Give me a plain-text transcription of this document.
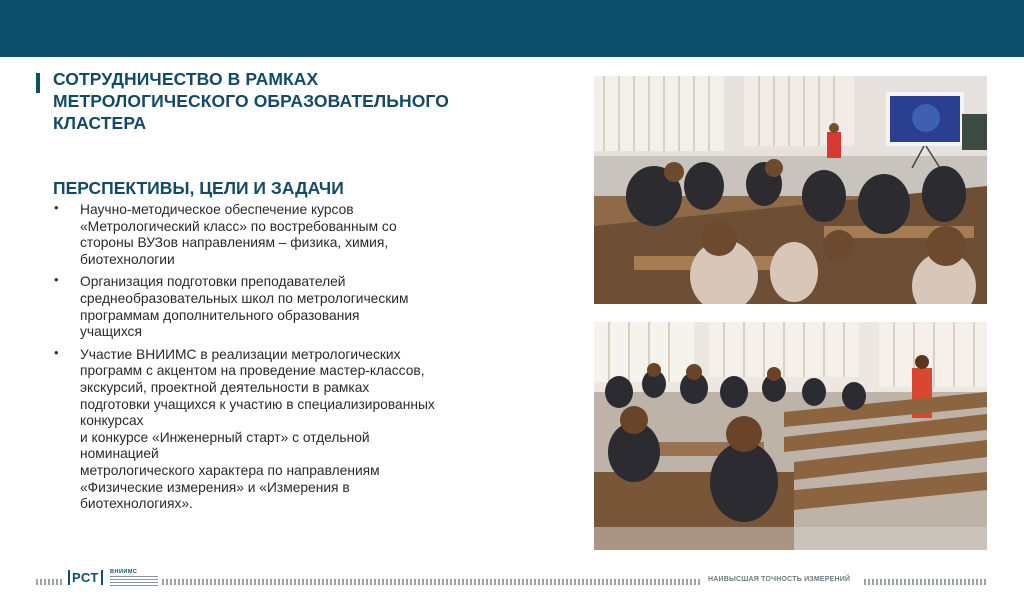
СОТРУДНИЧЕСТВО В РАМКАХ
МЕТРОЛОГИЧЕСКОГО ОБРАЗОВАТЕЛЬНОГО
КЛАСТЕРА
ПЕРСПЕКТИВЫ, ЦЕЛИ И ЗАДАЧИ
• Научно-методическое обеспечение курсов
«Метрологический класс» по востребованным со
стороны ВУЗов направлениям – физика, химия,
биотехнологии
• Организация подготовки преподавателей
среднеобразовательных школ по метрологическим
программам дополнительного образования
учащихся
• Участие ВНИИМС в реализации метрологических
программ с акцентом на проведение мастер-классов,
экскурсий, проектной деятельности в рамках
подготовки учащихся к участию в специализированных
конкурсах
и конкурсе «Инженерный старт» с отдельной
номинацией
метрологического характера по направлениям
«Физические измерения» и «Измерения в
биотехнологиях».
РСТ	ВНИИМС
НАИВЫСШАЯ ТОЧНОСТЬ ИЗМЕРЕНИЙ
